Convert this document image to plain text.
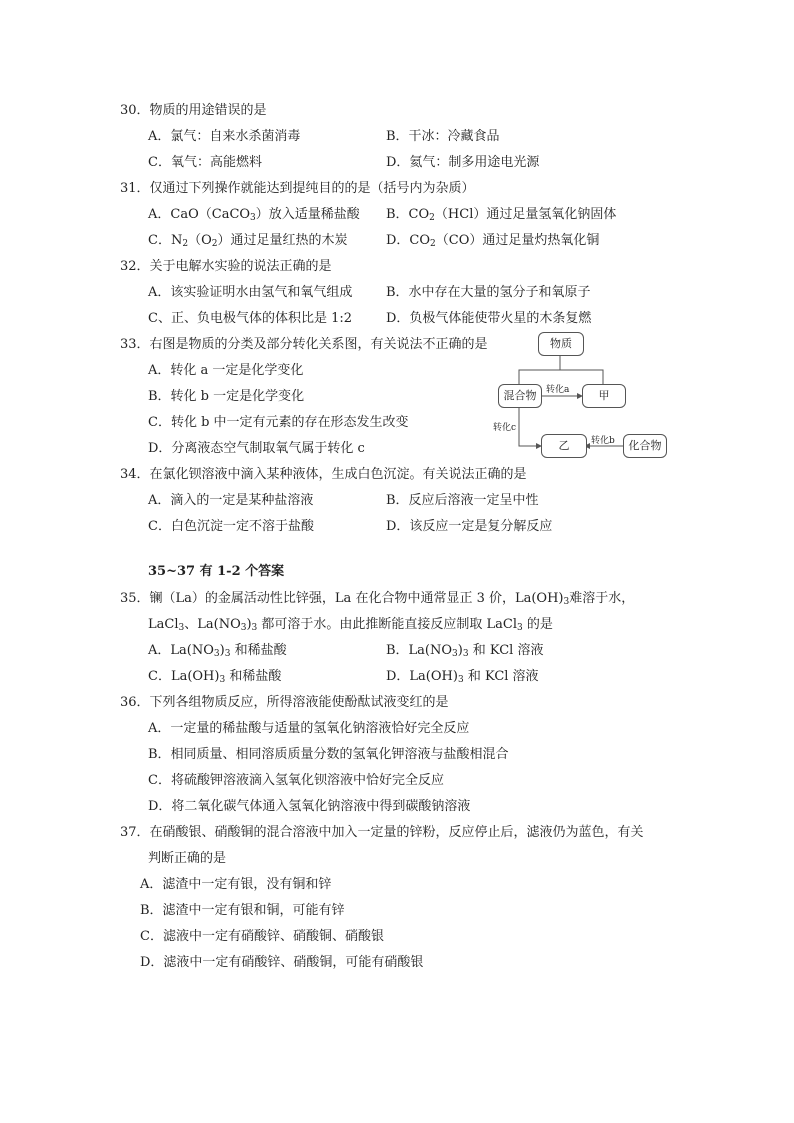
30．物质的用途错误的是
A．氯气：自来水杀菌消毒	B．干冰：冷藏食品
C．氧气：高能燃料	D．氦气：制多用途电光源
31．仅通过下列操作就能达到提纯目的的是（括号内为杂质）
A．CaO（CaCO$_3$）放入适量稀盐酸 B．$CO_2(HCl)$通过足量氢氧化钠固体
C．$N_2(O_2)$通过足量红热的木炭	D．$CO_2(CO)$通过足量灼热氧化铜
32．关于电解水实验的说法正确的是
A．该实验证明水由氢气和氧气组成	B．水中存在大量的氢分子和氧原子
C、正、负电极气体的体积比是 1:2	D．负极气体能使带火星的木条复燃
33．右图是物质的分类及部分转化关系图，有关说法不正确的是
A．转化 a 一定是化学变化
B．转化 b 一定是化学变化
C．转化 b 中一定有元素的存在形态发生改变
D．分离液态空气制取氧气属于转化 c
物质
混合物	甲
乙	化合物
转化a
转化c
转化b
34．在氯化钡溶液中滴入某种液体，生成白色沉淀。有关说法正确的是
A．滴入的一定是某种盐溶液	B．反应后溶液一定呈中性
C．白色沉淀一定不溶于盐酸	D．该反应一定是复分解反应
35~37 有 1-2 个答案
35．镧（La）的金属活动性比锌强，La 在化合物中通常显正 3 价，$La(OH)_3$难溶于水，
LaCl$_3$、$La(NO_3)_3$ 都可溶于水。由此推断能直接反应制取 LaCl$_3$ 的是
A．$La(NO_3)_3$ 和稀盐酸	B．$La(NO_3)_3$ 和 KCl 溶液
C．$La(OH)_3$ 和稀盐酸	D．$La(OH)_3$ 和 KCl 溶液
36．下列各组物质反应，所得溶液能使酚酞试液变红的是
A．一定量的稀盐酸与适量的氢氧化钠溶液恰好完全反应
B．相同质量、相同溶质质量分数的氢氧化钾溶液与盐酸相混合
C．将硫酸钾溶液滴入氢氧化钡溶液中恰好完全反应
D．将二氧化碳气体通入氢氧化钠溶液中得到碳酸钠溶液
37．在硝酸银、硝酸铜的混合溶液中加入一定量的锌粉，反应停止后，滤液仍为蓝色，有关
判断正确的是
A．滤渣中一定有银，没有铜和锌
B．滤渣中一定有银和铜，可能有锌
C．滤液中一定有硝酸锌、硝酸铜、硝酸银
D．滤液中一定有硝酸锌、硝酸铜，可能有硝酸银
